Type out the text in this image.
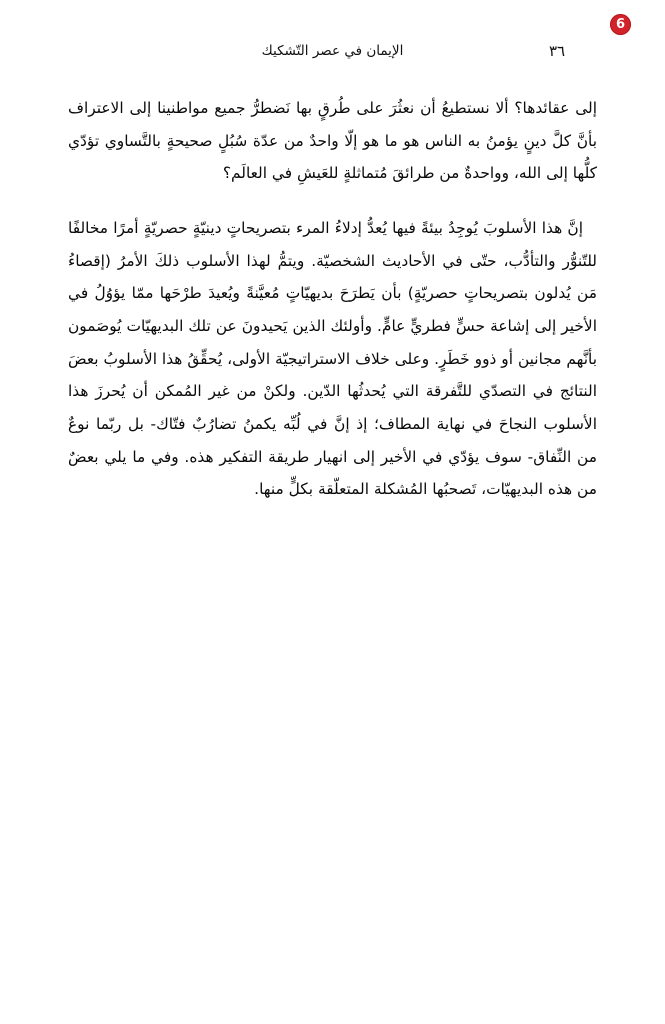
6
٣٦
الإيمان في عصر التّشكيك

إلى عقائدها؟ ألا نستطيعُ أن نعثُرَ على طُرقٍ بها نَضطرُّ جميع مواطنينا إلى الاعتراف بأنَّ كلَّ دينٍ يؤمنُ به الناس هو ما هو إلّا واحدٌ من عدّة سُبُلٍ صحيحةٍ بالتَّساوي تؤدّي كلُّها إلى الله، وواحدةٌ من طرائقَ مُتماثلةٍ للعَيشِ في العالَم؟

إنَّ هذا الأسلوبَ يُوجِدُ بيئةً فيها يُعدُّ إدلاءُ المرء بتصريحاتٍ دينيّةٍ حصريّةٍ أمرًا مخالفًا للتّنوُّر والتأدُّب، حتّى في الأحاديث الشخصيّة. ويتمُّ لهذا الأسلوب ذلكَ الأمرُ (إقصاءُ مَن يُدلون بتصريحاتٍ حصريّةٍ) بأن يَطرَحَ بديهيّاتٍ مُعيَّنةً ويُعيدَ طرْحَها ممّا يؤوُلُ في الأخير إلى إشاعة حسٍّ فطريٍّ عامٍّ. وأولئك الذين يَحيدونَ عن تلك البديهيّات يُوصَمون بأنَّهم مجانين أو ذوو خَطَرٍ. وعلى خلاف الاستراتيجيّة الأولى، يُحقِّقُ هذا الأسلوبُ بعضَ النتائج في التصدّي للتَّفرقة التي يُحدثُها الدّين. ولكنْ من غير المُمكن أن يُحرزَ هذا الأسلوب النجاحَ في نهاية المطاف؛ إذ إنَّ في لُبِّه يكمنُ تضارُبٌ فتّاك- بل ربّما نوعٌ من النِّفاق- سوف يؤدّي في الأخير إلى انهيار طريقة التفكير هذه. وفي ما يلي بعضٌ من هذه البديهيّات، تَصحبُها المُشكلة المتعلّقة بكلٍّ منها.
